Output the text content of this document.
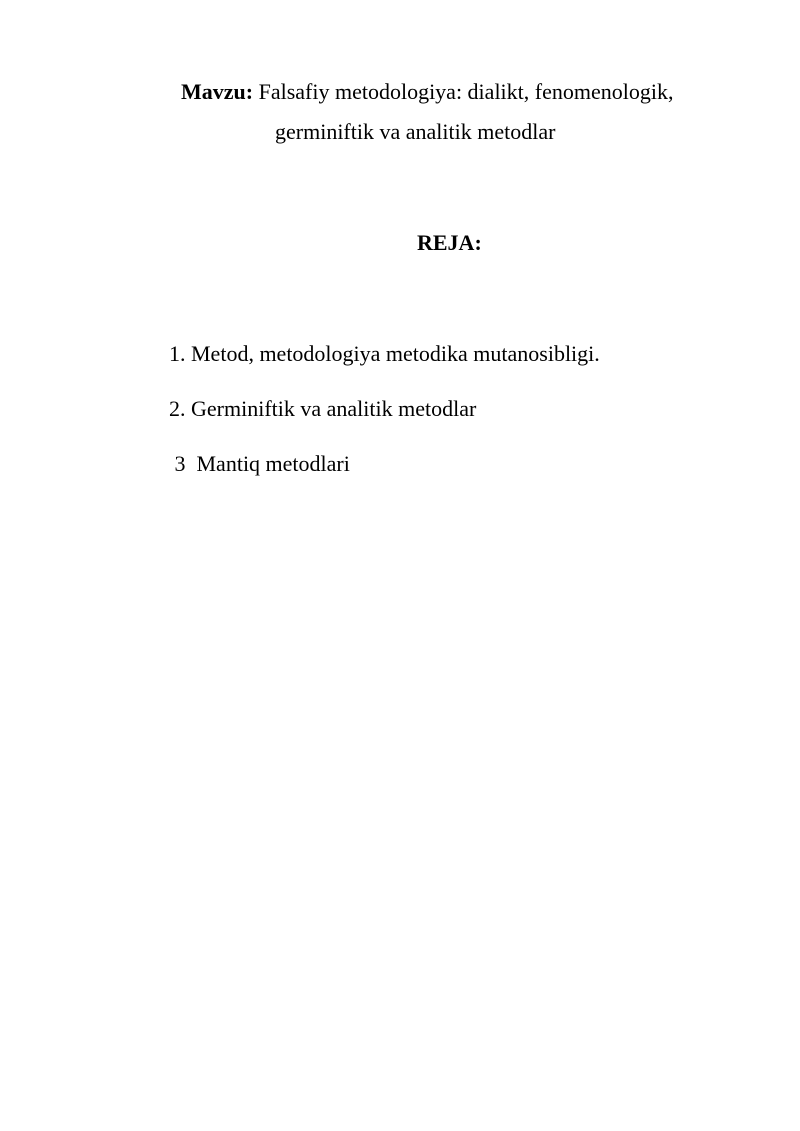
Mavzu: Falsafiy metodologiya: dialikt, fenomenologik,
germiniftik va analitik metodlar
REJA:
1. Metod, metodologiya metodika mutanosibligi.
2. Germiniftik va analitik metodlar
3  Mantiq metodlari
